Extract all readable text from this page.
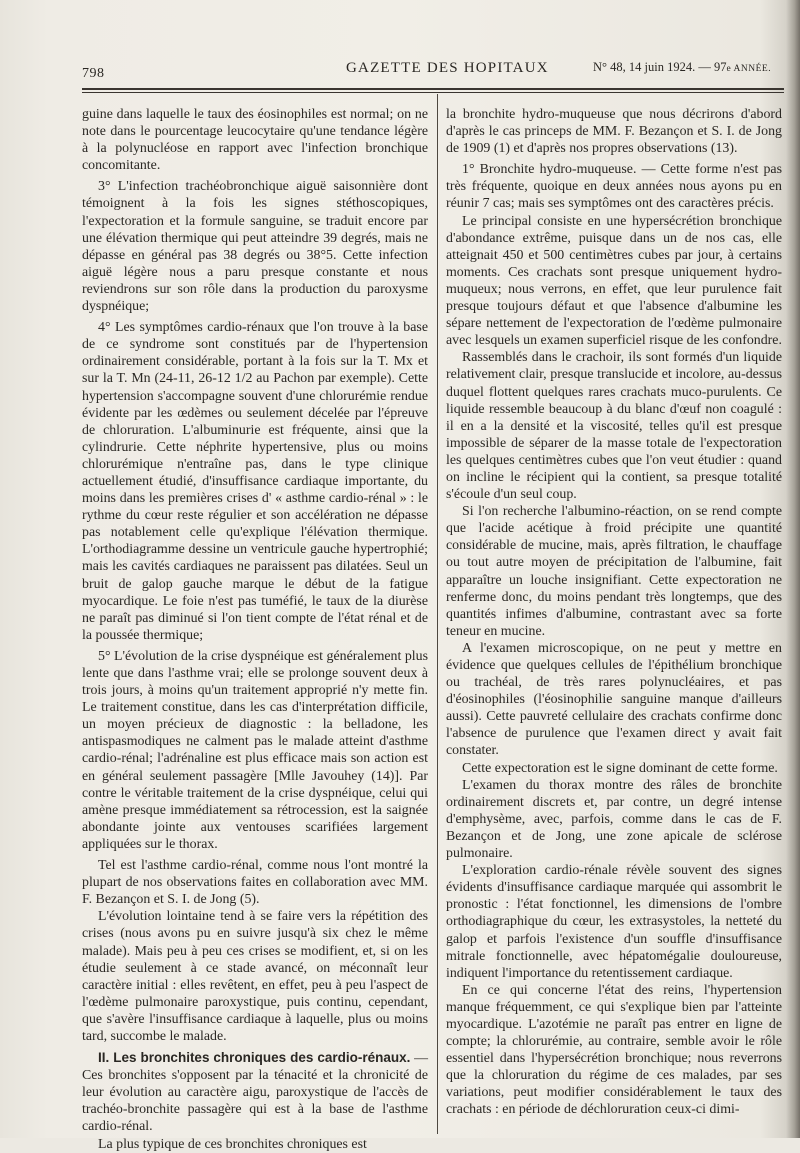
798	GAZETTE DES HOPITAUX	N° 48, 14 juin 1924. — 97e ANNÉE.

guine dans laquelle le taux des éosinophiles est normal; on ne note dans le pourcentage leucocytaire qu'une tendance légère à la polynucléose en rapport avec l'infection bronchique concomitante.

3° L'infection trachéobronchique aiguë saisonnière dont témoignent à la fois les signes stéthoscopiques, l'expectoration et la formule sanguine, se traduit encore par une élévation thermique qui peut atteindre 39 degrés, mais ne dépasse en général pas 38 degrés ou 38°5. Cette infection aiguë légère nous a paru presque constante et nous reviendrons sur son rôle dans la production du paroxysme dyspnéique;

4° Les symptômes cardio-rénaux que l'on trouve à la base de ce syndrome sont constitués par de l'hypertension ordinairement considérable, portant à la fois sur la T. Mx et sur la T. Mn (24-11, 26-12 1/2 au Pachon par exemple). Cette hypertension s'accompagne souvent d'une chlorurémie rendue évidente par les œdèmes ou seulement décelée par l'épreuve de chloruration. L'albuminurie est fréquente, ainsi que la cylindrurie. Cette néphrite hypertensive, plus ou moins chlorurémique n'entraîne pas, dans le type clinique actuellement étudié, d'insuffisance cardiaque importante, du moins dans les premières crises d' « asthme cardio-rénal » : le rythme du cœur reste régulier et son accélération ne dépasse pas notablement celle qu'explique l'élévation thermique. L'orthodiagramme dessine un ventricule gauche hypertrophié; mais les cavités cardiaques ne paraissent pas dilatées. Seul un bruit de galop gauche marque le début de la fatigue myocardique. Le foie n'est pas tuméfié, le taux de la diurèse ne paraît pas diminué si l'on tient compte de l'état rénal et de la poussée thermique;

5° L'évolution de la crise dyspnéique est généralement plus lente que dans l'asthme vrai; elle se prolonge souvent deux à trois jours, à moins qu'un traitement approprié n'y mette fin. Le traitement constitue, dans les cas d'interprétation difficile, un moyen précieux de diagnostic : la belladone, les antispasmodiques ne calment pas le malade atteint d'asthme cardio-rénal; l'adrénaline est plus efficace mais son action est en général seulement passagère [Mlle Javouhey (14)]. Par contre le véritable traitement de la crise dyspnéique, celui qui amène presque immédiatement sa rétrocession, est la saignée abondante jointe aux ventouses scarifiées largement appliquées sur le thorax.

Tel est l'asthme cardio-rénal, comme nous l'ont montré la plupart de nos observations faites en collaboration avec MM. F. Bezançon et S. I. de Jong (5).

L'évolution lointaine tend à se faire vers la répétition des crises (nous avons pu en suivre jusqu'à six chez le même malade). Mais peu à peu ces crises se modifient, et, si on les étudie seulement à ce stade avancé, on méconnaît leur caractère initial : elles revêtent, en effet, peu à peu l'aspect de l'œdème pulmonaire paroxystique, puis continu, cependant, que s'avère l'insuffisance cardiaque à laquelle, plus ou moins tard, succombe le malade.

II. Les bronchites chroniques des cardio-rénaux. — Ces bronchites s'opposent par la ténacité et la chronicité de leur évolution au caractère aigu, paroxystique de l'accès de trachéo-bronchite passagère qui est à la base de l'asthme cardio-rénal.

La plus typique de ces bronchites chroniques est

la bronchite hydro-muqueuse que nous décrirons d'abord d'après le cas princeps de MM. F. Bezançon et S. I. de Jong de 1909 (1) et d'après nos propres observations (13).

1° Bronchite hydro-muqueuse. — Cette forme n'est pas très fréquente, quoique en deux années nous ayons pu en réunir 7 cas; mais ses symptômes ont des caractères précis.

Le principal consiste en une hypersécrétion bronchique d'abondance extrême, puisque dans un de nos cas, elle atteignait 450 et 500 centimètres cubes par jour, à certains moments. Ces crachats sont presque uniquement hydro-muqueux; nous verrons, en effet, que leur purulence fait presque toujours défaut et que l'absence d'albumine les sépare nettement de l'expectoration de l'œdème pulmonaire avec lesquels un examen superficiel risque de les confondre.

Rassemblés dans le crachoir, ils sont formés d'un liquide relativement clair, presque translucide et incolore, au-dessus duquel flottent quelques rares crachats muco-purulents. Ce liquide ressemble beaucoup à du blanc d'œuf non coagulé : il en a la densité et la viscosité, telles qu'il est presque impossible de séparer de la masse totale de l'expectoration les quelques centimètres cubes que l'on veut étudier : quand on incline le récipient qui la contient, sa presque totalité s'écoule d'un seul coup.

Si l'on recherche l'albumino-réaction, on se rend compte que l'acide acétique à froid précipite une quantité considérable de mucine, mais, après filtration, le chauffage ou tout autre moyen de précipitation de l'albumine, fait apparaître un louche insignifiant. Cette expectoration ne renferme donc, du moins pendant très longtemps, que des quantités infimes d'albumine, contrastant avec sa forte teneur en mucine.

A l'examen microscopique, on ne peut y mettre en évidence que quelques cellules de l'épithélium bronchique ou trachéal, de très rares polynucléaires, et pas d'éosinophiles (l'éosinophilie sanguine manque d'ailleurs aussi). Cette pauvreté cellulaire des crachats confirme donc l'absence de purulence que l'examen direct y avait fait constater.

Cette expectoration est le signe dominant de cette forme.

L'examen du thorax montre des râles de bronchite ordinairement discrets et, par contre, un degré intense d'emphysème, avec, parfois, comme dans le cas de F. Bezançon et de Jong, une zone apicale de sclérose pulmonaire.

L'exploration cardio-rénale révèle souvent des signes évidents d'insuffisance cardiaque marquée qui assombrit le pronostic : l'état fonctionnel, les dimensions de l'ombre orthodiagraphique du cœur, les extrasystoles, la netteté du galop et parfois l'existence d'un souffle d'insuffisance mitrale fonctionnelle, avec hépatomégalie douloureuse, indiquent l'importance du retentissement cardiaque.

En ce qui concerne l'état des reins, l'hypertension manque fréquemment, ce qui s'explique bien par l'atteinte myocardique. L'azotémie ne paraît pas entrer en ligne de compte; la chlorurémie, au contraire, semble avoir le rôle essentiel dans l'hypersécrétion bronchique; nous reverrons que la chloruration du régime de ces malades, par ses variations, peut modifier considérablement le taux des crachats : en période de déchloruration ceux-ci dimi-
